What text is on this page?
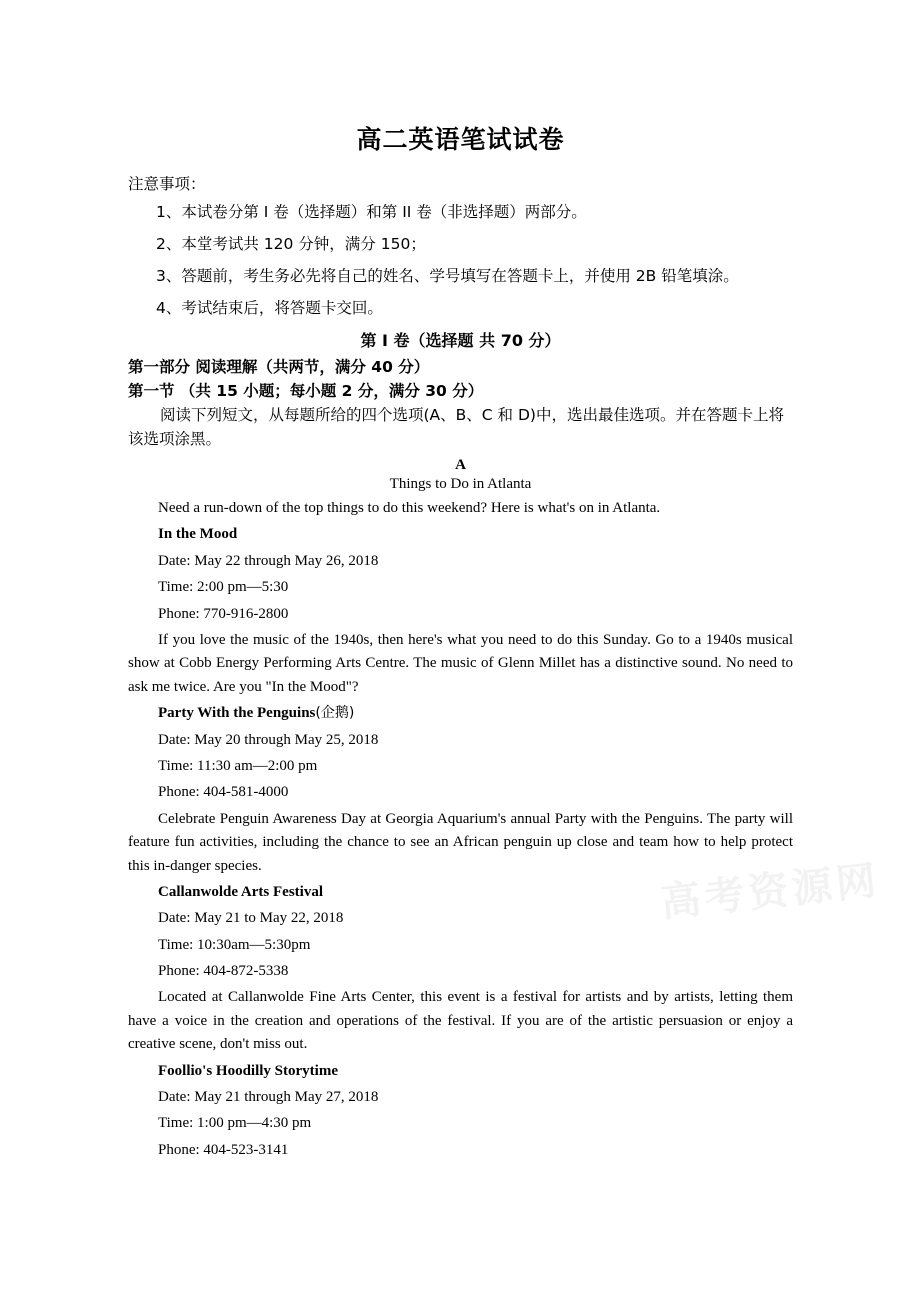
高考资源网
高二英语笔试试卷

注意事项：

1、本试卷分第 I 卷（选择题）和第 II 卷（非选择题）两部分。

2、本堂考试共 120 分钟，满分 150；

3、答题前，考生务必先将自己的姓名、学号填写在答题卡上，并使用 2B 铅笔填涂。

4、考试结束后，将答题卡交回。

第 I 卷（选择题 共 70 分）

第一部分 阅读理解（共两节，满分 40 分）

第一节 （共 15 小题；每小题 2 分，满分 30 分）

阅读下列短文，从每题所给的四个选项(A、B、C 和 D)中，选出最佳选项。并在答题卡上将该选项涂黑。

A

Things to Do in Atlanta

Need a run-down of the top things to do this weekend? Here is what's on in Atlanta.

In the Mood

Date: May 22 through May 26, 2018

Time: 2:00 pm—5:30

Phone: 770-916-2800

If you love the music of the 1940s, then here's what you need to do this Sunday. Go to a 1940s musical show at Cobb Energy Performing Arts Centre. The music of Glenn Millet has a distinctive sound. No need to ask me twice. Are you "In the Mood"?

Party With the Penguins(企鹅)

Date: May 20 through May 25, 2018

Time: 11:30 am—2:00 pm

Phone: 404-581-4000

Celebrate Penguin Awareness Day at Georgia Aquarium's annual Party with the Penguins. The party will feature fun activities, including the chance to see an African penguin up close and team how to help protect this in-danger species.

Callanwolde Arts Festival

Date: May 21 to May 22, 2018

Time: 10:30am—5:30pm

Phone: 404-872-5338

Located at Callanwolde Fine Arts Center, this event is a festival for artists and by artists, letting them have a voice in the creation and operations of the festival. If you are of the artistic persuasion or enjoy a creative scene, don't miss out.

Foollio's Hoodilly Storytime

Date: May 21 through May 27, 2018

Time: 1:00 pm—4:30 pm

Phone: 404-523-3141
